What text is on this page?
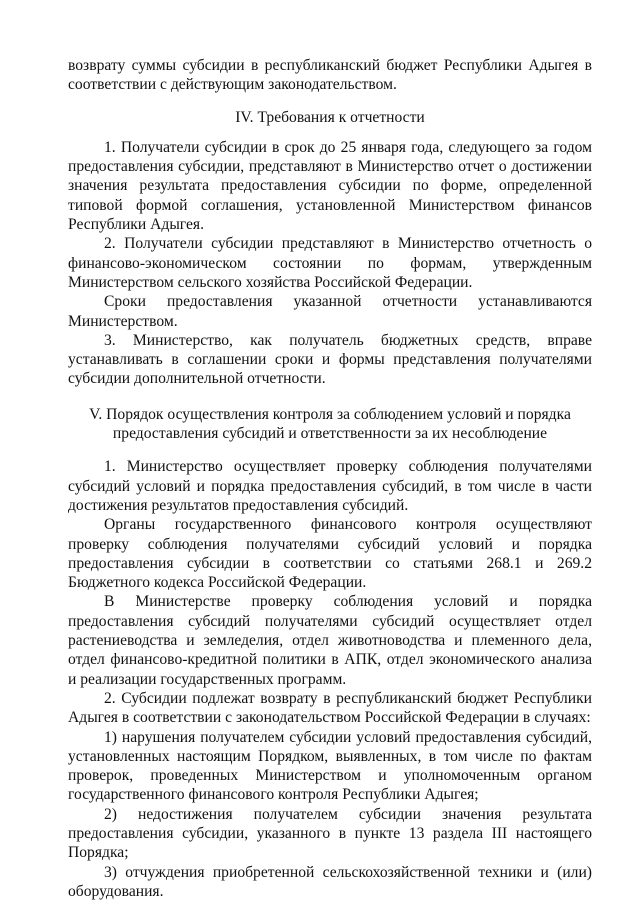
возврату суммы субсидии в республиканский бюджет Республики Адыгея в соответствии с действующим законодательством.

IV. Требования к отчетности

1. Получатели субсидии в срок до 25 января года, следующего за годом предоставления субсидии, представляют в Министерство отчет о достижении значения результата предоставления субсидии по форме, определенной типовой формой соглашения, установленной Министерством финансов Республики Адыгея.

2. Получатели субсидии представляют в Министерство отчетность о финансово-экономическом состоянии по формам, утвержденным Министерством сельского хозяйства Российской Федерации.

Сроки предоставления указанной отчетности устанавливаются Министерством.

3. Министерство, как получатель бюджетных средств, вправе устанавливать в соглашении сроки и формы представления получателями субсидии дополнительной отчетности.

V. Порядок осуществления контроля за соблюдением условий и порядка

предоставления субсидий и ответственности за их несоблюдение

1. Министерство осуществляет проверку соблюдения получателями субсидий условий и порядка предоставления субсидий, в том числе в части достижения результатов предоставления субсидий.

Органы государственного финансового контроля осуществляют проверку соблюдения получателями субсидий условий и порядка предоставления субсидии в соответствии со статьями 268.1 и 269.2 Бюджетного кодекса Российской Федерации.

В Министерстве проверку соблюдения условий и порядка предоставления субсидий получателями субсидий осуществляет отдел растениеводства и земледелия, отдел животноводства и племенного дела, отдел финансово-кредитной политики в АПК, отдел экономического анализа и реализации государственных программ.

2. Субсидии подлежат возврату в республиканский бюджет Республики Адыгея в соответствии с законодательством Российской Федерации в случаях:

1) нарушения получателем субсидии условий предоставления субсидий, установленных настоящим Порядком, выявленных, в том числе по фактам проверок, проведенных Министерством и уполномоченным органом государственного финансового контроля Республики Адыгея;

2) недостижения получателем субсидии значения результата предоставления субсидии, указанного в пункте 13 раздела III настоящего Порядка;

3) отчуждения приобретенной сельскохозяйственной техники и (или) оборудования.
